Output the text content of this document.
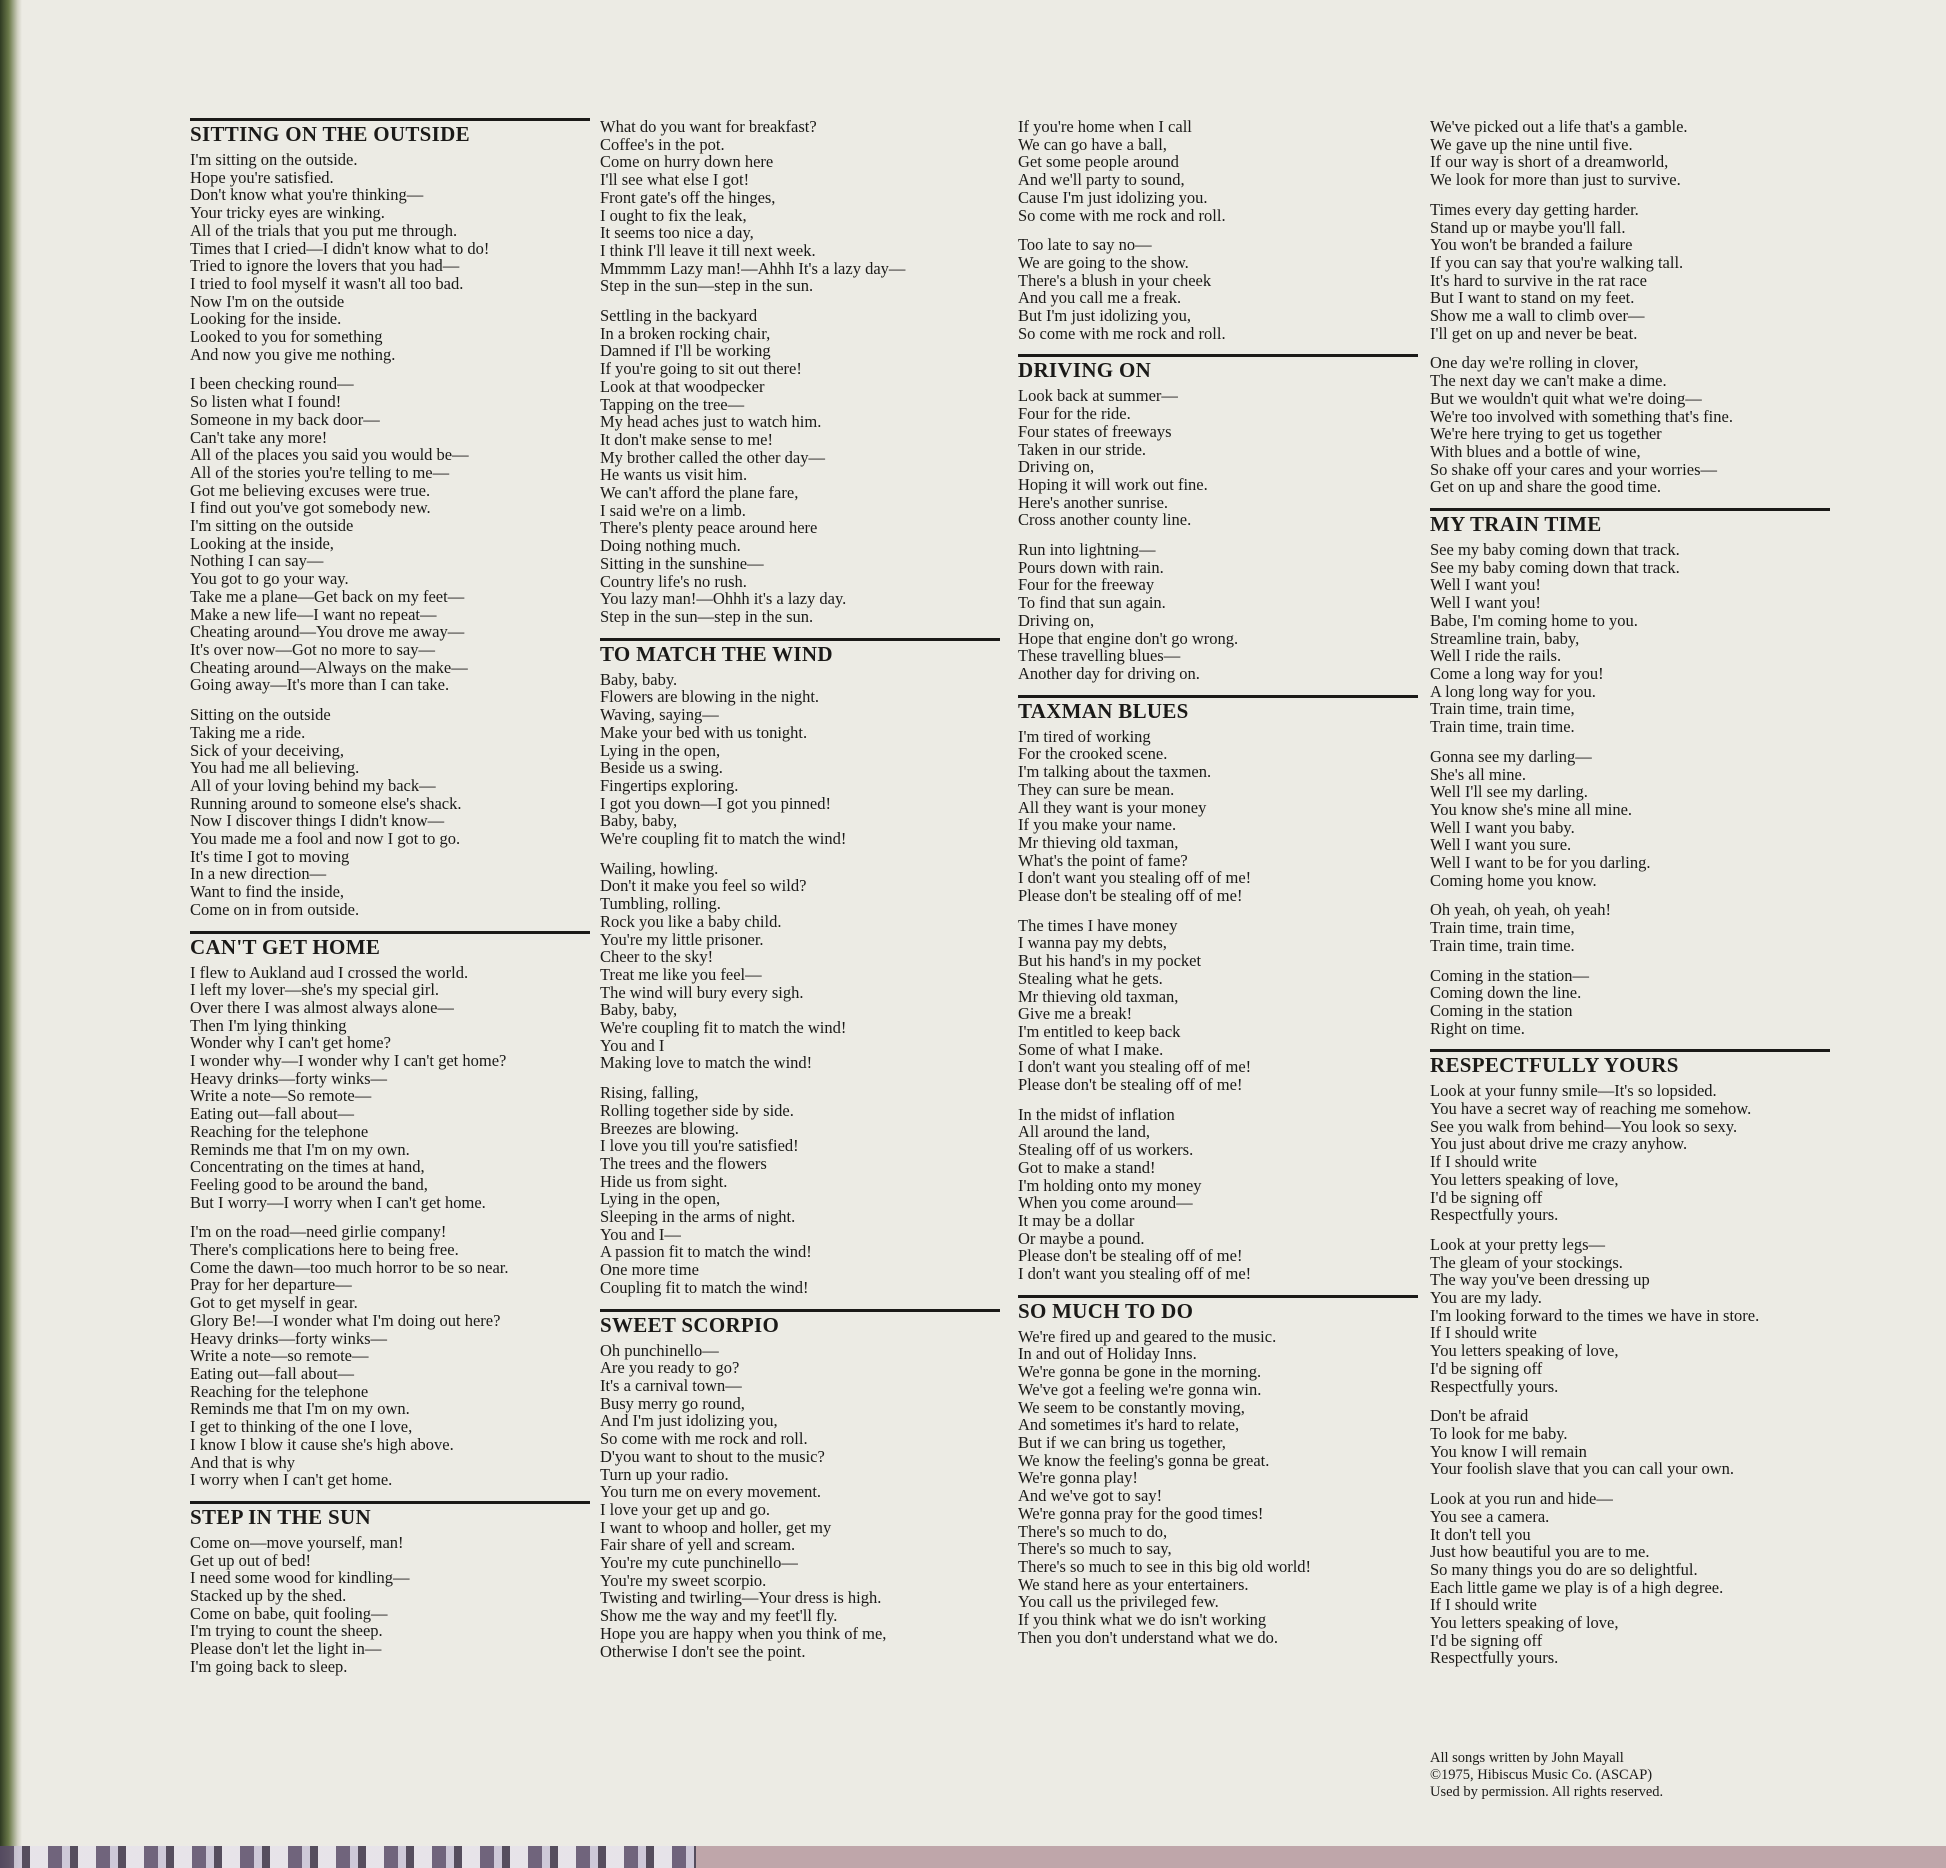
SITTING ON THE OUTSIDE
I'm sitting on the outside.
Hope you're satisfied.
Don't know what you're thinking—
Your tricky eyes are winking.
All of the trials that you put me through.
Times that I cried—I didn't know what to do!
Tried to ignore the lovers that you had—
I tried to fool myself it wasn't all too bad.
Now I'm on the outside
Looking for the inside.
Looked to you for something
And now you give me nothing.
I been checking round—
So listen what I found!
Someone in my back door—
Can't take any more!
All of the places you said you would be—
All of the stories you're telling to me—
Got me believing excuses were true.
I find out you've got somebody new.
I'm sitting on the outside
Looking at the inside,
Nothing I can say—
You got to go your way.
Take me a plane—Get back on my feet—
Make a new life—I want no repeat—
Cheating around—You drove me away—
It's over now—Got no more to say—
Cheating around—Always on the make—
Going away—It's more than I can take.
Sitting on the outside
Taking me a ride.
Sick of your deceiving,
You had me all believing.
All of your loving behind my back—
Running around to someone else's shack.
Now I discover things I didn't know—
You made me a fool and now I got to go.
It's time I got to moving
In a new direction—
Want to find the inside,
Come on in from outside.
CAN'T GET HOME
I flew to Aukland aud I crossed the world.
I left my lover—she's my special girl.
Over there I was almost always alone—
Then I'm lying thinking
Wonder why I can't get home?
I wonder why—I wonder why I can't get home?
Heavy drinks—forty winks—
Write a note—So remote—
Eating out—fall about—
Reaching for the telephone
Reminds me that I'm on my own.
Concentrating on the times at hand,
Feeling good to be around the band,
But I worry—I worry when I can't get home.
I'm on the road—need girlie company!
There's complications here to being free.
Come the dawn—too much horror to be so near.
Pray for her departure—
Got to get myself in gear.
Glory Be!—I wonder what I'm doing out here?
Heavy drinks—forty winks—
Write a note—so remote—
Eating out—fall about—
Reaching for the telephone
Reminds me that I'm on my own.
I get to thinking of the one I love,
I know I blow it cause she's high above.
And that is why
I worry when I can't get home.
STEP IN THE SUN
Come on—move yourself, man!
Get up out of bed!
I need some wood for kindling—
Stacked up by the shed.
Come on babe, quit fooling—
I'm trying to count the sheep.
Please don't let the light in—
I'm going back to sleep.
What do you want for breakfast?
Coffee's in the pot.
Come on hurry down here
I'll see what else I got!
Front gate's off the hinges,
I ought to fix the leak,
It seems too nice a day,
I think I'll leave it till next week.
Mmmmm Lazy man!—Ahhh It's a lazy day—
Step in the sun—step in the sun.
Settling in the backyard
In a broken rocking chair,
Damned if I'll be working
If you're going to sit out there!
Look at that woodpecker
Tapping on the tree—
My head aches just to watch him.
It don't make sense to me!
My brother called the other day—
He wants us visit him.
We can't afford the plane fare,
I said we're on a limb.
There's plenty peace around here
Doing nothing much.
Sitting in the sunshine—
Country life's no rush.
You lazy man!—Ohhh it's a lazy day.
Step in the sun—step in the sun.
TO MATCH THE WIND
Baby, baby.
Flowers are blowing in the night.
Waving, saying—
Make your bed with us tonight.
Lying in the open,
Beside us a swing.
Fingertips exploring.
I got you down—I got you pinned!
Baby, baby,
We're coupling fit to match the wind!
Wailing, howling.
Don't it make you feel so wild?
Tumbling, rolling.
Rock you like a baby child.
You're my little prisoner.
Cheer to the sky!
Treat me like you feel—
The wind will bury every sigh.
Baby, baby,
We're coupling fit to match the wind!
You and I
Making love to match the wind!
Rising, falling,
Rolling together side by side.
Breezes are blowing.
I love you till you're satisfied!
The trees and the flowers
Hide us from sight.
Lying in the open,
Sleeping in the arms of night.
You and I—
A passion fit to match the wind!
One more time
Coupling fit to match the wind!
SWEET SCORPIO
Oh punchinello—
Are you ready to go?
It's a carnival town—
Busy merry go round,
And I'm just idolizing you,
So come with me rock and roll.
D'you want to shout to the music?
Turn up your radio.
You turn me on every movement.
I love your get up and go.
I want to whoop and holler, get my
Fair share of yell and scream.
You're my cute punchinello—
You're my sweet scorpio.
Twisting and twirling—Your dress is high.
Show me the way and my feet'll fly.
Hope you are happy when you think of me,
Otherwise I don't see the point.
If you're home when I call
We can go have a ball,
Get some people around
And we'll party to sound,
Cause I'm just idolizing you.
So come with me rock and roll.
Too late to say no—
We are going to the show.
There's a blush in your cheek
And you call me a freak.
But I'm just idolizing you,
So come with me rock and roll.
DRIVING ON
Look back at summer—
Four for the ride.
Four states of freeways
Taken in our stride.
Driving on,
Hoping it will work out fine.
Here's another sunrise.
Cross another county line.
Run into lightning—
Pours down with rain.
Four for the freeway
To find that sun again.
Driving on,
Hope that engine don't go wrong.
These travelling blues—
Another day for driving on.
TAXMAN BLUES
I'm tired of working
For the crooked scene.
I'm talking about the taxmen.
They can sure be mean.
All they want is your money
If you make your name.
Mr thieving old taxman,
What's the point of fame?
I don't want you stealing off of me!
Please don't be stealing off of me!
The times I have money
I wanna pay my debts,
But his hand's in my pocket
Stealing what he gets.
Mr thieving old taxman,
Give me a break!
I'm entitled to keep back
Some of what I make.
I don't want you stealing off of me!
Please don't be stealing off of me!
In the midst of inflation
All around the land,
Stealing off of us workers.
Got to make a stand!
I'm holding onto my money
When you come around—
It may be a dollar
Or maybe a pound.
Please don't be stealing off of me!
I don't want you stealing off of me!
SO MUCH TO DO
We're fired up and geared to the music.
In and out of Holiday Inns.
We're gonna be gone in the morning.
We've got a feeling we're gonna win.
We seem to be constantly moving,
And sometimes it's hard to relate,
But if we can bring us together,
We know the feeling's gonna be great.
We're gonna play!
And we've got to say!
We're gonna pray for the good times!
There's so much to do,
There's so much to say,
There's so much to see in this big old world!
We stand here as your entertainers.
You call us the privileged few.
If you think what we do isn't working
Then you don't understand what we do.
We've picked out a life that's a gamble.
We gave up the nine until five.
If our way is short of a dreamworld,
We look for more than just to survive.
Times every day getting harder.
Stand up or maybe you'll fall.
You won't be branded a failure
If you can say that you're walking tall.
It's hard to survive in the rat race
But I want to stand on my feet.
Show me a wall to climb over—
I'll get on up and never be beat.
One day we're rolling in clover,
The next day we can't make a dime.
But we wouldn't quit what we're doing—
We're too involved with something that's fine.
We're here trying to get us together
With blues and a bottle of wine,
So shake off your cares and your worries—
Get on up and share the good time.
MY TRAIN TIME
See my baby coming down that track.
See my baby coming down that track.
Well I want you!
Well I want you!
Babe, I'm coming home to you.
Streamline train, baby,
Well I ride the rails.
Come a long way for you!
A long long way for you.
Train time, train time,
Train time, train time.
Gonna see my darling—
She's all mine.
Well I'll see my darling.
You know she's mine all mine.
Well I want you baby.
Well I want you sure.
Well I want to be for you darling.
Coming home you know.
Oh yeah, oh yeah, oh yeah!
Train time, train time,
Train time, train time.
Coming in the station—
Coming down the line.
Coming in the station
Right on time.
RESPECTFULLY YOURS
Look at your funny smile—It's so lopsided.
You have a secret way of reaching me somehow.
See you walk from behind—You look so sexy.
You just about drive me crazy anyhow.
If I should write
You letters speaking of love,
I'd be signing off
Respectfully yours.
Look at your pretty legs—
The gleam of your stockings.
The way you've been dressing up
You are my lady.
I'm looking forward to the times we have in store.
If I should write
You letters speaking of love,
I'd be signing off
Respectfully yours.
Don't be afraid
To look for me baby.
You know I will remain
Your foolish slave that you can call your own.
Look at you run and hide—
You see a camera.
It don't tell you
Just how beautiful you are to me.
So many things you do are so delightful.
Each little game we play is of a high degree.
If I should write
You letters speaking of love,
I'd be signing off
Respectfully yours.
All songs written by John Mayall
©1975, Hibiscus Music Co. (ASCAP)
Used by permission. All rights reserved.
